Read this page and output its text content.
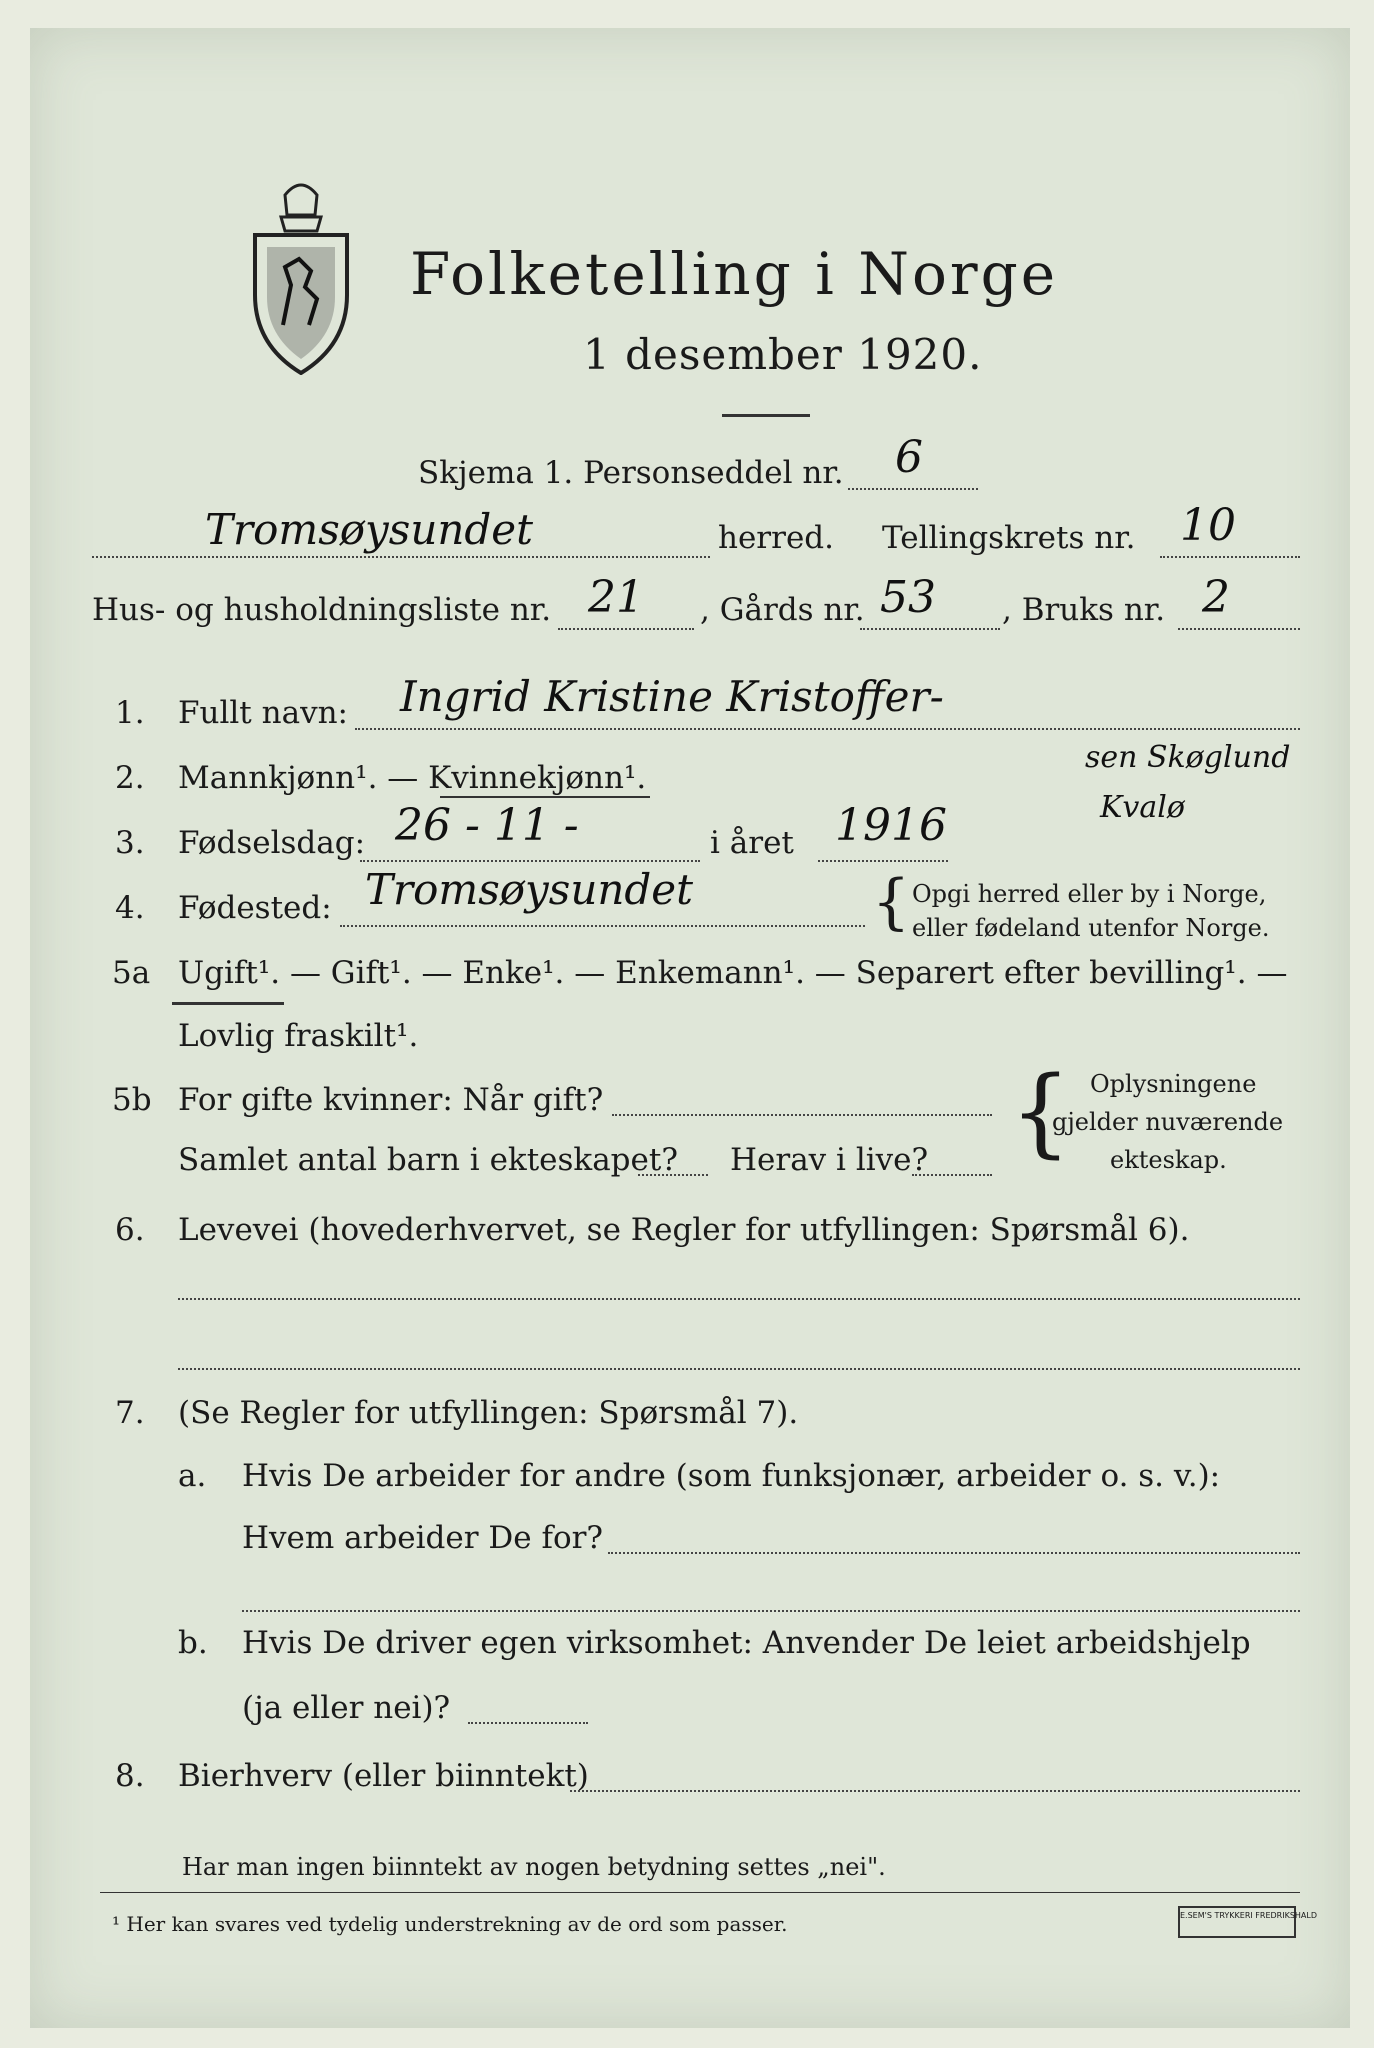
Folketelling i Norge
1 desember 1920.
Skjema 1. Personseddel nr. 6
Tromsøysundet	herred. Tellingskrets nr. 10
Hus- og husholdningsliste nr. 21 , Gårds nr. 53 , Bruks nr. 2
1. Fullt navn: Ingrid Kristine Kristoffer-
sen Skøglund
Kvalø
2. Mannkjønn¹. — Kvinnekjønn¹.
3. Fødselsdag: 26 - 11 -	i året 1916
4. Fødested: Tromsøysundet	{ Opgi herred eller by i Norge,
eller fødeland utenfor Norge.
5a Ugift¹. — Gift¹. — Enke¹. — Enkemann¹. — Separert efter bevilling¹. —
Lovlig fraskilt¹.
5b For gifte kvinner: Når gift?
Samlet antal barn i ekteskapet? Herav i live? { Oplysningene
gjelder nuværende
ekteskap.
6. Levevei (hovederhvervet, se Regler for utfyllingen: Spørsmål 6).
7. (Se Regler for utfyllingen: Spørsmål 7).
a. Hvis De arbeider for andre (som funksjonær, arbeider o. s. v.):
Hvem arbeider De for?
b. Hvis De driver egen virksomhet: Anvender De leiet arbeidshjelp
(ja eller nei)?
8. Bierhverv (eller biinntekt)
Har man ingen biinntekt av nogen betydning settes „nei".
¹ Her kan svares ved tydelig understrekning av de ord som passer.	E.SEM'S TRYKKERI FREDRIKSHALD
